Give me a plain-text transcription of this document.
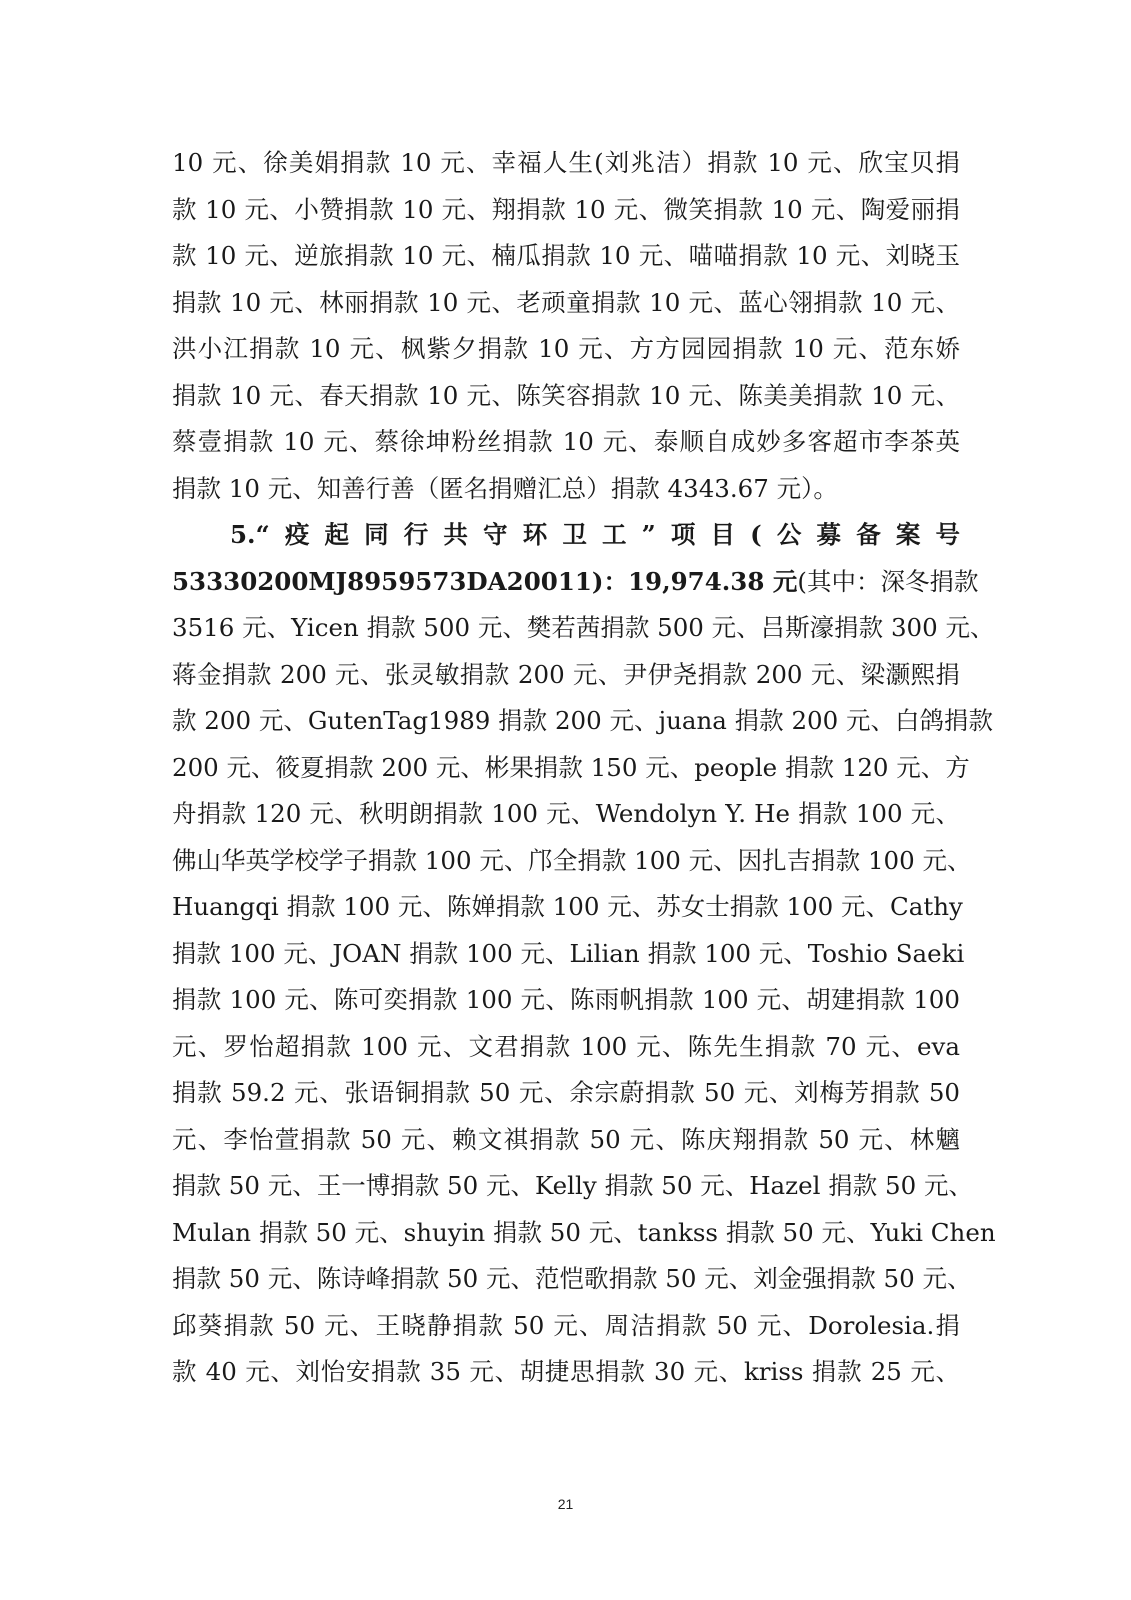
10 元、徐美娟捐款 10 元、幸福人生(刘兆洁）捐款 10 元、欣宝贝捐
款 10 元、小赞捐款 10 元、翔捐款 10 元、微笑捐款 10 元、陶爱丽捐
款 10 元、逆旅捐款 10 元、楠瓜捐款 10 元、喵喵捐款 10 元、刘晓玉
捐款 10 元、林丽捐款 10 元、老顽童捐款 10 元、蓝心翎捐款 10 元、
洪小江捐款 10 元、枫紫夕捐款 10 元、方方园园捐款 10 元、范东娇
捐款 10 元、春天捐款 10 元、陈笑容捐款 10 元、陈美美捐款 10 元、
蔡壹捐款 10 元、蔡徐坤粉丝捐款 10 元、泰顺自成妙多客超市李茶英
捐款 10 元、知善行善（匿名捐赠汇总）捐款 4343.67 元）。
5.“疫起同行共守环卫工”项目(公募备案号
53330200MJ8959573DA20011)：19,974.38 元(其中：深冬捐款
3516 元、Yicen 捐款 500 元、樊若茜捐款 500 元、吕斯濠捐款 300 元、
蒋金捐款 200 元、张灵敏捐款 200 元、尹伊尧捐款 200 元、梁灏熙捐
款 200 元、GutenTag1989 捐款 200 元、juana 捐款 200 元、白鸽捐款
200 元、筱夏捐款 200 元、彬果捐款 150 元、people 捐款 120 元、方
舟捐款 120 元、秋明朗捐款 100 元、Wendolyn Y. He 捐款 100 元、
佛山华英学校学子捐款 100 元、邝全捐款 100 元、因扎吉捐款 100 元、
Huangqi 捐款 100 元、陈婵捐款 100 元、苏女士捐款 100 元、Cathy
捐款 100 元、JOAN 捐款 100 元、Lilian 捐款 100 元、Toshio Saeki
捐款 100 元、陈可奕捐款 100 元、陈雨帆捐款 100 元、胡建捐款 100
元、罗怡超捐款 100 元、文君捐款 100 元、陈先生捐款 70 元、eva
捐款 59.2 元、张语铜捐款 50 元、余宗蔚捐款 50 元、刘梅芳捐款 50
元、李怡萱捐款 50 元、赖文祺捐款 50 元、陈庆翔捐款 50 元、林魑
捐款 50 元、王一博捐款 50 元、Kelly 捐款 50 元、Hazel 捐款 50 元、
Mulan 捐款 50 元、shuyin 捐款 50 元、tankss 捐款 50 元、Yuki Chen
捐款 50 元、陈诗峰捐款 50 元、范恺歌捐款 50 元、刘金强捐款 50 元、
邱葵捐款 50 元、王晓静捐款 50 元、周洁捐款 50 元、Dorolesia.捐
款 40 元、刘怡安捐款 35 元、胡捷思捐款 30 元、kriss 捐款 25 元、
21
